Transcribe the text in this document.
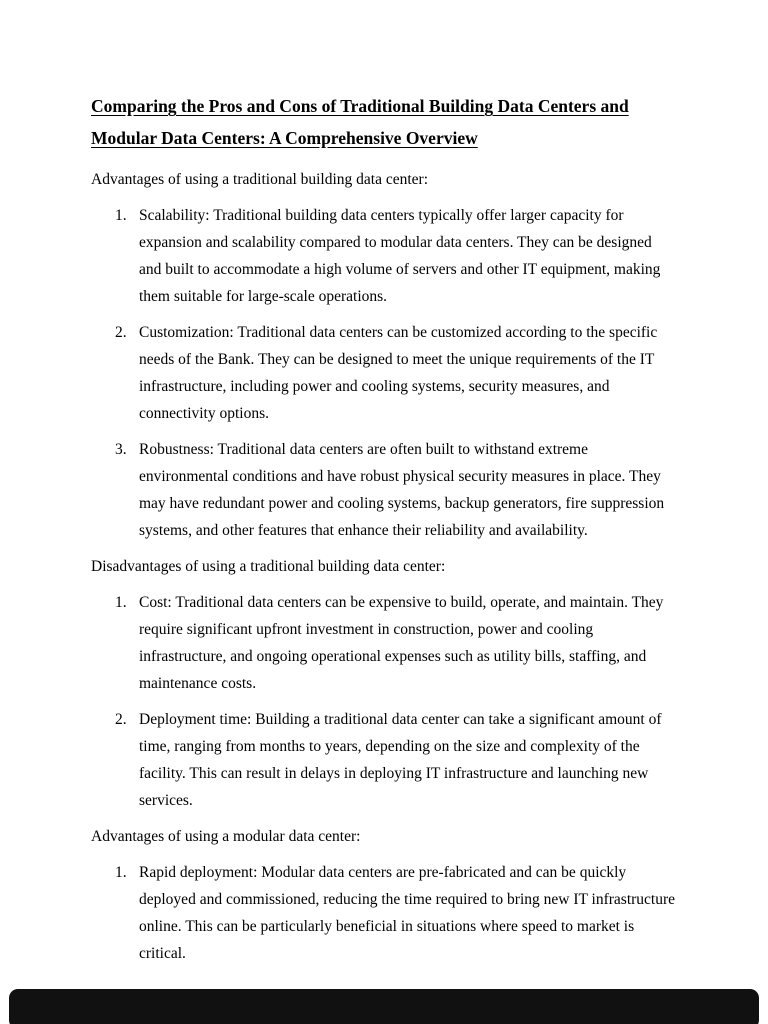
Comparing the Pros and Cons of Traditional Building Data Centers and
Modular Data Centers: A Comprehensive Overview

Advantages of using a traditional building data center:

1. Scalability: Traditional building data centers typically offer larger capacity for expansion and scalability compared to modular data centers. They can be designed and built to accommodate a high volume of servers and other IT equipment, making them suitable for large-scale operations.
2. Customization: Traditional data centers can be customized according to the specific needs of the Bank. They can be designed to meet the unique requirements of the IT infrastructure, including power and cooling systems, security measures, and connectivity options.
3. Robustness: Traditional data centers are often built to withstand extreme environmental conditions and have robust physical security measures in place. They may have redundant power and cooling systems, backup generators, fire suppression systems, and other features that enhance their reliability and availability.

Disadvantages of using a traditional building data center:

1. Cost: Traditional data centers can be expensive to build, operate, and maintain. They require significant upfront investment in construction, power and cooling infrastructure, and ongoing operational expenses such as utility bills, staffing, and maintenance costs.
2. Deployment time: Building a traditional data center can take a significant amount of time, ranging from months to years, depending on the size and complexity of the facility. This can result in delays in deploying IT infrastructure and launching new services.

Advantages of using a modular data center:

1. Rapid deployment: Modular data centers are pre-fabricated and can be quickly deployed and commissioned, reducing the time required to bring new IT infrastructure online. This can be particularly beneficial in situations where speed to market is critical.
